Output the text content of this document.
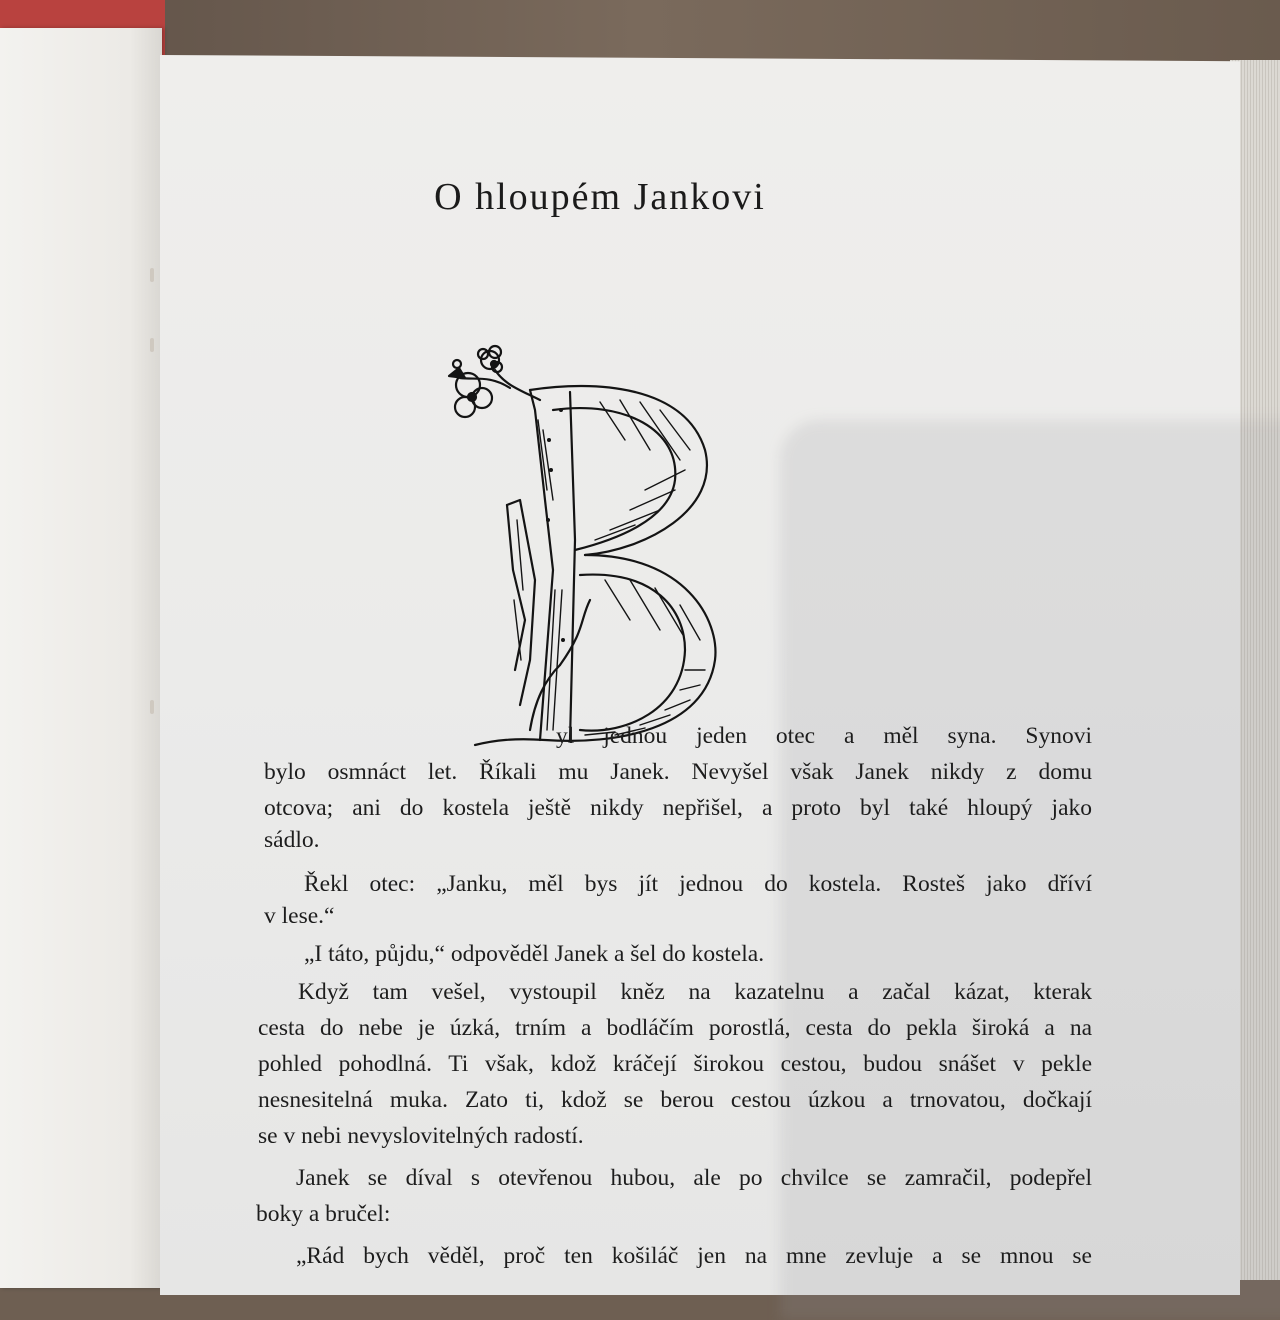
O hloupém Jankovi
yl jednou jeden otec a měl syna. Synovi
bylo osmnáct let. Říkali mu Janek. Nevyšel však Janek nikdy z domu
otcova; ani do kostela ještě nikdy nepřišel, a proto byl také hloupý jako
sádlo.
Řekl otec: „Janku, měl bys jít jednou do kostela. Rosteš jako dříví
v lese.“
„I táto, půjdu,“ odpověděl Janek a šel do kostela.
Když tam vešel, vystoupil kněz na kazatelnu a začal kázat, kterak
cesta do nebe je úzká, trním a bodláčím porostlá, cesta do pekla široká a na
pohled pohodlná. Ti však, kdož kráčejí širokou cestou, budou snášet v pekle
nesnesitelná muka. Zato ti, kdož se berou cestou úzkou a trnovatou, dočkají
se v nebi nevyslovitelných radostí.
Janek se díval s otevřenou hubou, ale po chvilce se zamračil, podepřel
boky a bručel:
„Rád bych věděl, proč ten košiláč jen na mne zevluje a se mnou se
